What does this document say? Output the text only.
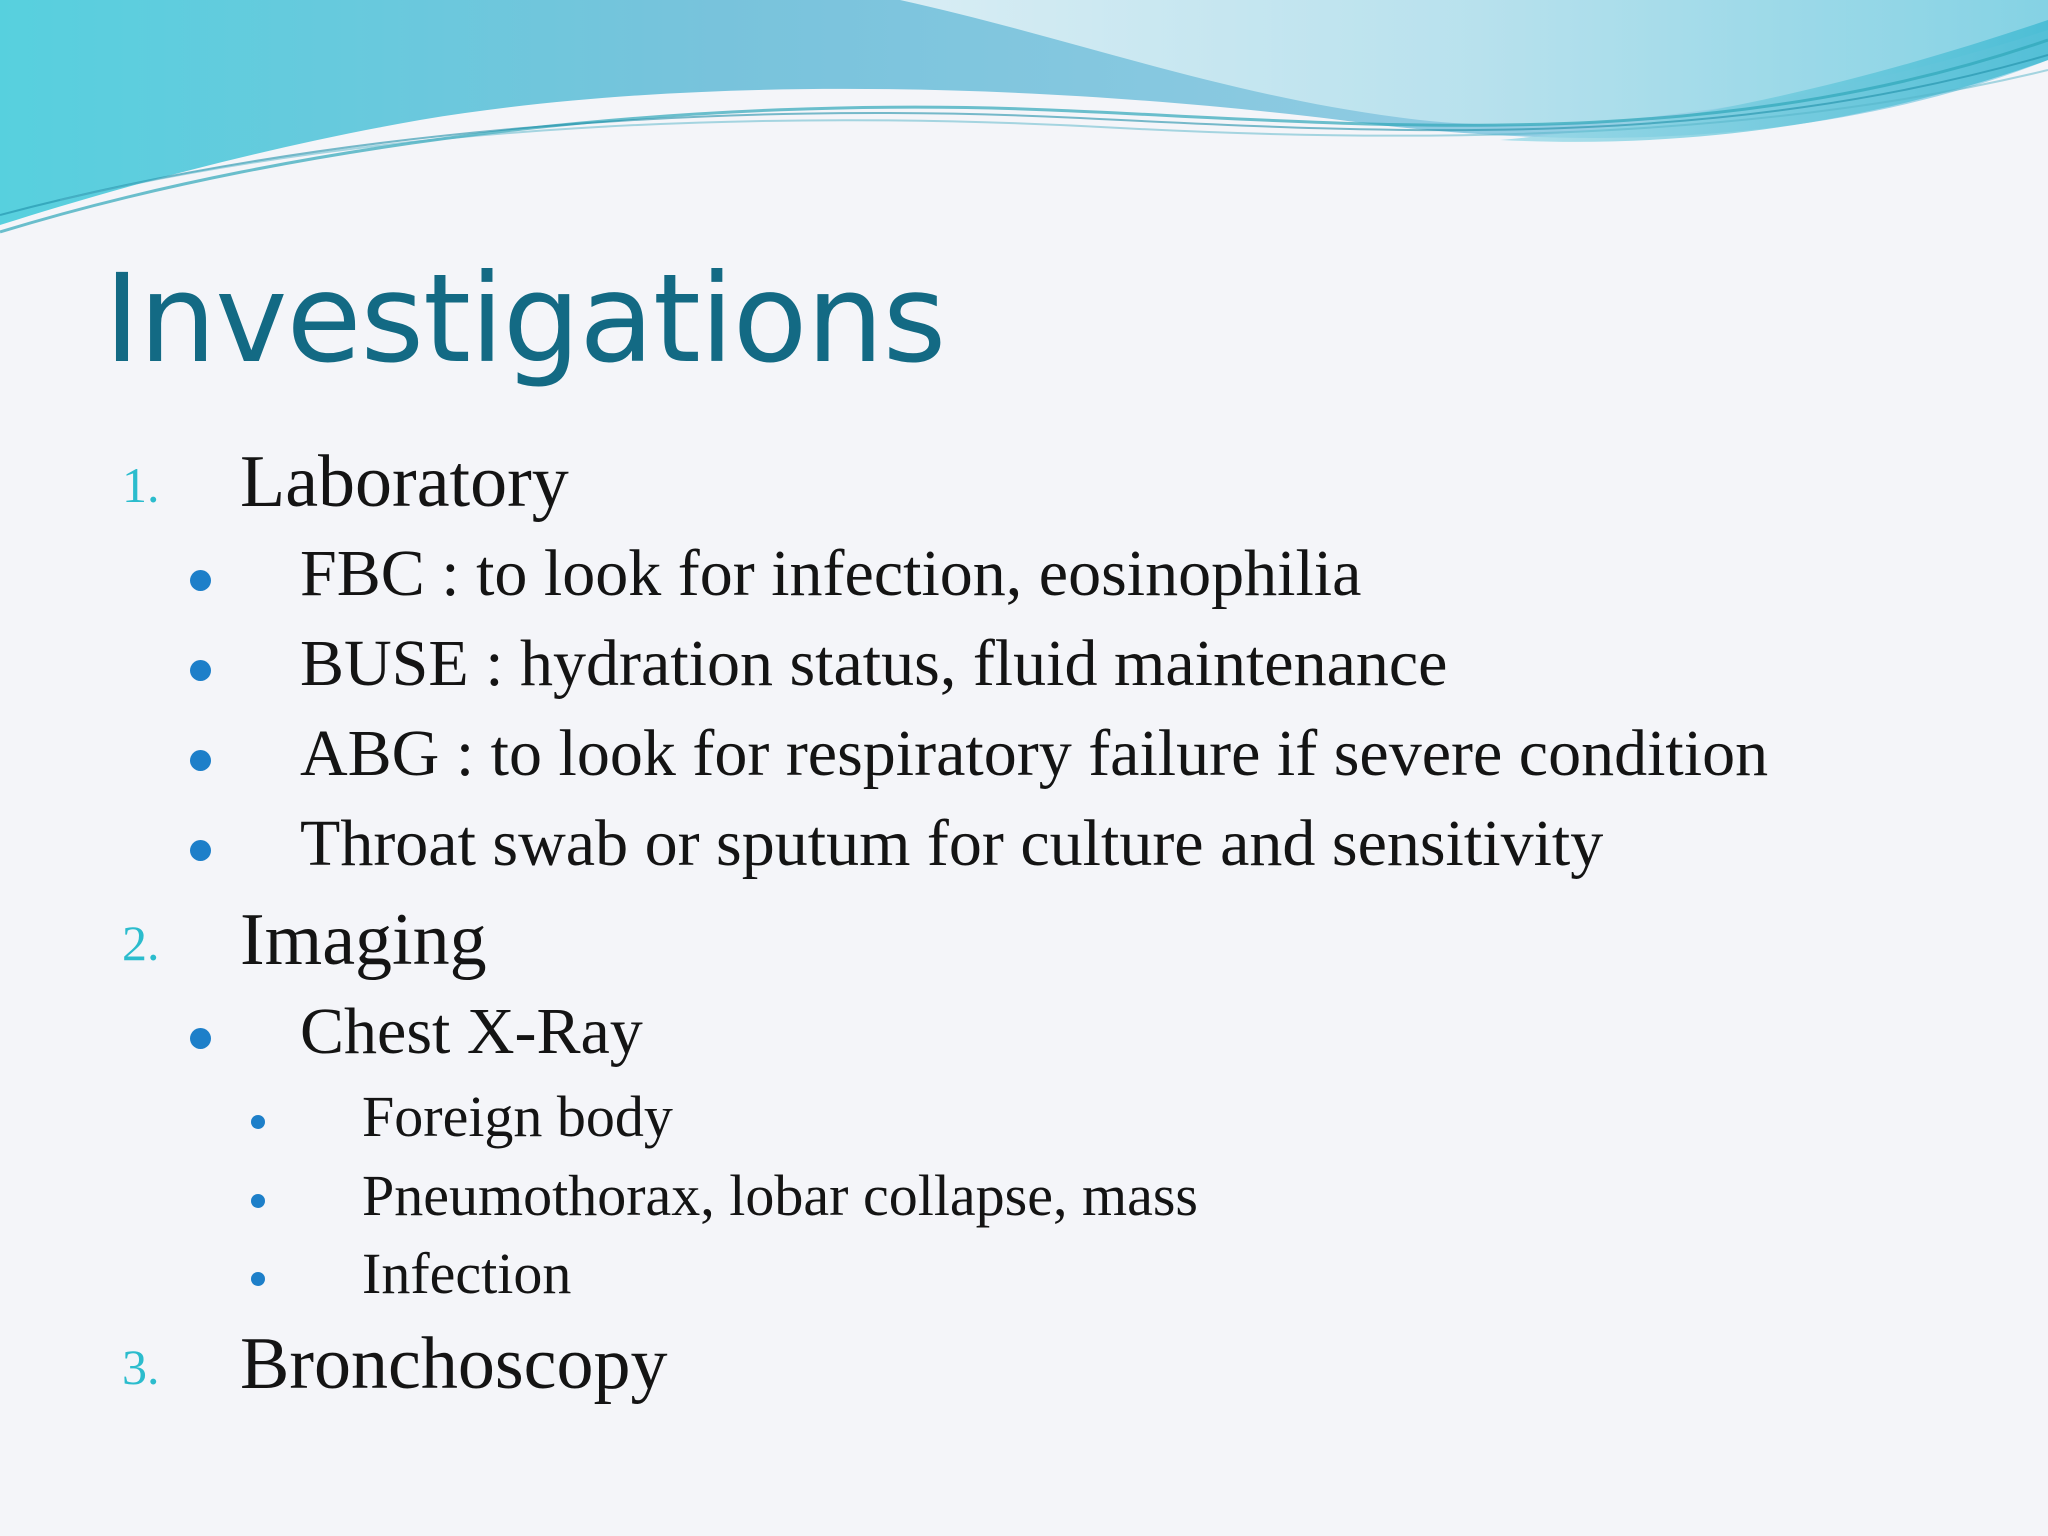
Investigations
1. Laboratory
FBC : to look for infection, eosinophilia
BUSE : hydration status, fluid maintenance
ABG : to look for respiratory failure if severe condition
Throat swab or sputum for culture and sensitivity
2. Imaging
Chest X-Ray
Foreign body
Pneumothorax, lobar collapse, mass
Infection
3. Bronchoscopy
